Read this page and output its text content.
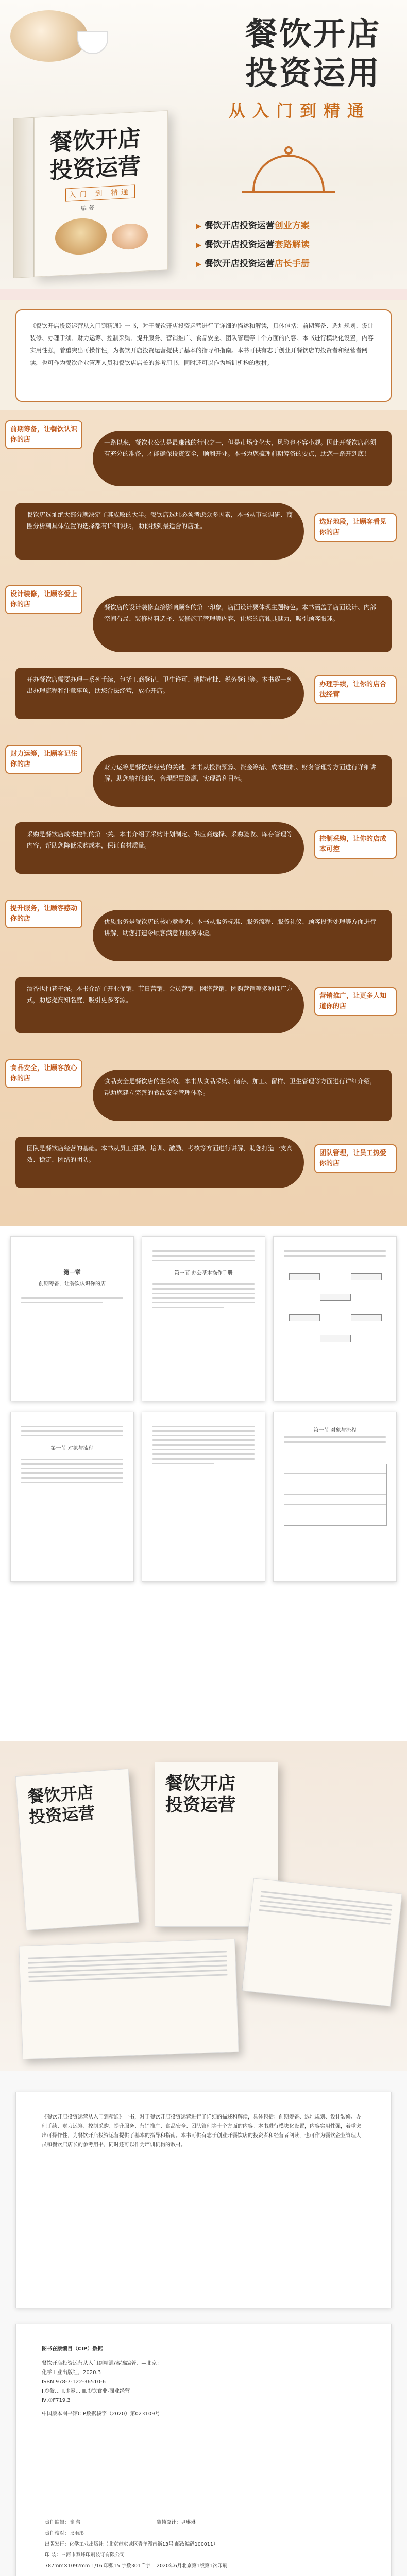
餐饮开店
投资运用
从入门到精通
餐饮开店
投资运营
入门 到 精通
编 著
▶ 餐饮开店投资运营创业方案
▶ 餐饮开店投资运营套路解读
▶ 餐饮开店投资运营店长手册
《餐饮开店投资运营从入门到精通》一书，对于餐饮开店投资运营进行了详细的描述和解读，具体包括：前期筹备、选址规划、设计装修、办理手续、财力运筹、控制采购、提升服务、营销推广、食品安全、团队管理等十个方面的内容。本书进行模块化设置，内容实用性强，着重突出可操作性，为餐饮开店投资运营提供了基本的指导和指南。本书可供有志于创业开餐饮店的投资者和经营者阅读，也可作为餐饮企业管理人员和餐饮店店长的参考用书，同时还可以作为培训机构的教材。
前期筹备，让餐饮认识你的店	一路以来，餐饮业公认是最赚钱的行业之一，但是市场变化大，风险也不容小觑。因此开餐饮店必须有充分的准备，才能确保投资安全，顺利开业。本书为您梳理前期筹备的要点，助您一路开到底！
餐饮店选址绝大部分就决定了其成败的大半。餐饮店选址必须考虑众多因素，本书从市场调研、商圈分析到具体位置的选择都有详细说明，助你找到最适合的店址。	选好地段，让顾客看见你的店
设计装修，让顾客爱上你的店	餐饮店的设计装修直接影响顾客的第一印象，店面设计要体现主题特色。本书涵盖了店面设计、内部空间布局、装修材料选择、装修施工管理等内容，让您的店独具魅力，吸引顾客眼球。
开办餐饮店需要办理一系列手续，包括工商登记、卫生许可、消防审批、税务登记等。本书逐一列出办理流程和注意事项，助您合法经营，放心开店。
办理手续，让你的店合法经营
财力运筹，让顾客记住你的店	财力运筹是餐饮店经营的关键。本书从投资预算、资金筹措、成本控制、财务管理等方面进行详细讲解，助您精打细算，合理配置资源，实现盈利目标。
采购是餐饮店成本控制的第一关。本书介绍了采购计划制定、供应商选择、采购验收、库存管理等内容，帮助您降低采购成本，保证食材质量。
控制采购，让你的店成本可控
提升服务，让顾客感动你的店	优质服务是餐饮店的核心竞争力。本书从服务标准、服务流程、服务礼仪、顾客投诉处理等方面进行讲解，助您打造令顾客满意的服务体验。
酒香也怕巷子深。本书介绍了开业促销、节日营销、会员营销、网络营销、团购营销等多种推广方式，助您提高知名度，吸引更多客源。	营销推广，让更多人知道你的店
食品安全，让顾客放心你的店	食品安全是餐饮店的生命线。本书从食品采购、储存、加工、留样、卫生管理等方面进行详细介绍，帮助您建立完善的食品安全管理体系。
团队是餐饮店经营的基础。本书从员工招聘、培训、激励、考核等方面进行讲解，助您打造一支高效、稳定、团结的团队。
团队管理，让员工热爱你的店
第一章
前期筹备，让餐饮认识你的店
第一节 办公基本操作手册
第一节 对象与流程
第一节 对象与流程
餐饮开店
投资运营
餐饮开店
投资运营
《餐饮开店投资运营从入门到精通》一书，对于餐饮开店投资运营进行了详细的描述和解读，具体包括：前期筹备、选址规划、设计装修、办理手续、财力运筹、控制采购、提升服务、营销推广、食品安全、团队管理等十个方面的内容。本书进行模块化设置，内容实用性强，着重突出可操作性，为餐饮开店投资运营提供了基本的指导和指南。本书可供有志于创业开餐饮店的投资者和经营者阅读，也可作为餐饮企业管理人员和餐饮店店长的参考用书，同时还可以作为培训机构的教材。
图书在版编目（CIP）数据
餐饮开店投资运营从入门到精通/容锦编著．—北京：
化学工业出版社，2020.3
ISBN 978-7-122-36510-6
Ⅰ.①餐… Ⅱ.①容… Ⅲ.①饮食业-商业经营
Ⅳ.①F719.3
中国版本图书馆CIP数据核字（2020）第023109号
责任编辑：陈 蕾	装帧设计：尹琳琳
责任校对：张雨彤	
出版发行：化学工业出版社（北京市东城区青年湖南街13号 邮政编码100011）	
印 装：三河市双峰印刷装订有限公司	
787mm×1092mm 1/16 印张15 字数301千字	2020年6月北京第1版第1次印刷
